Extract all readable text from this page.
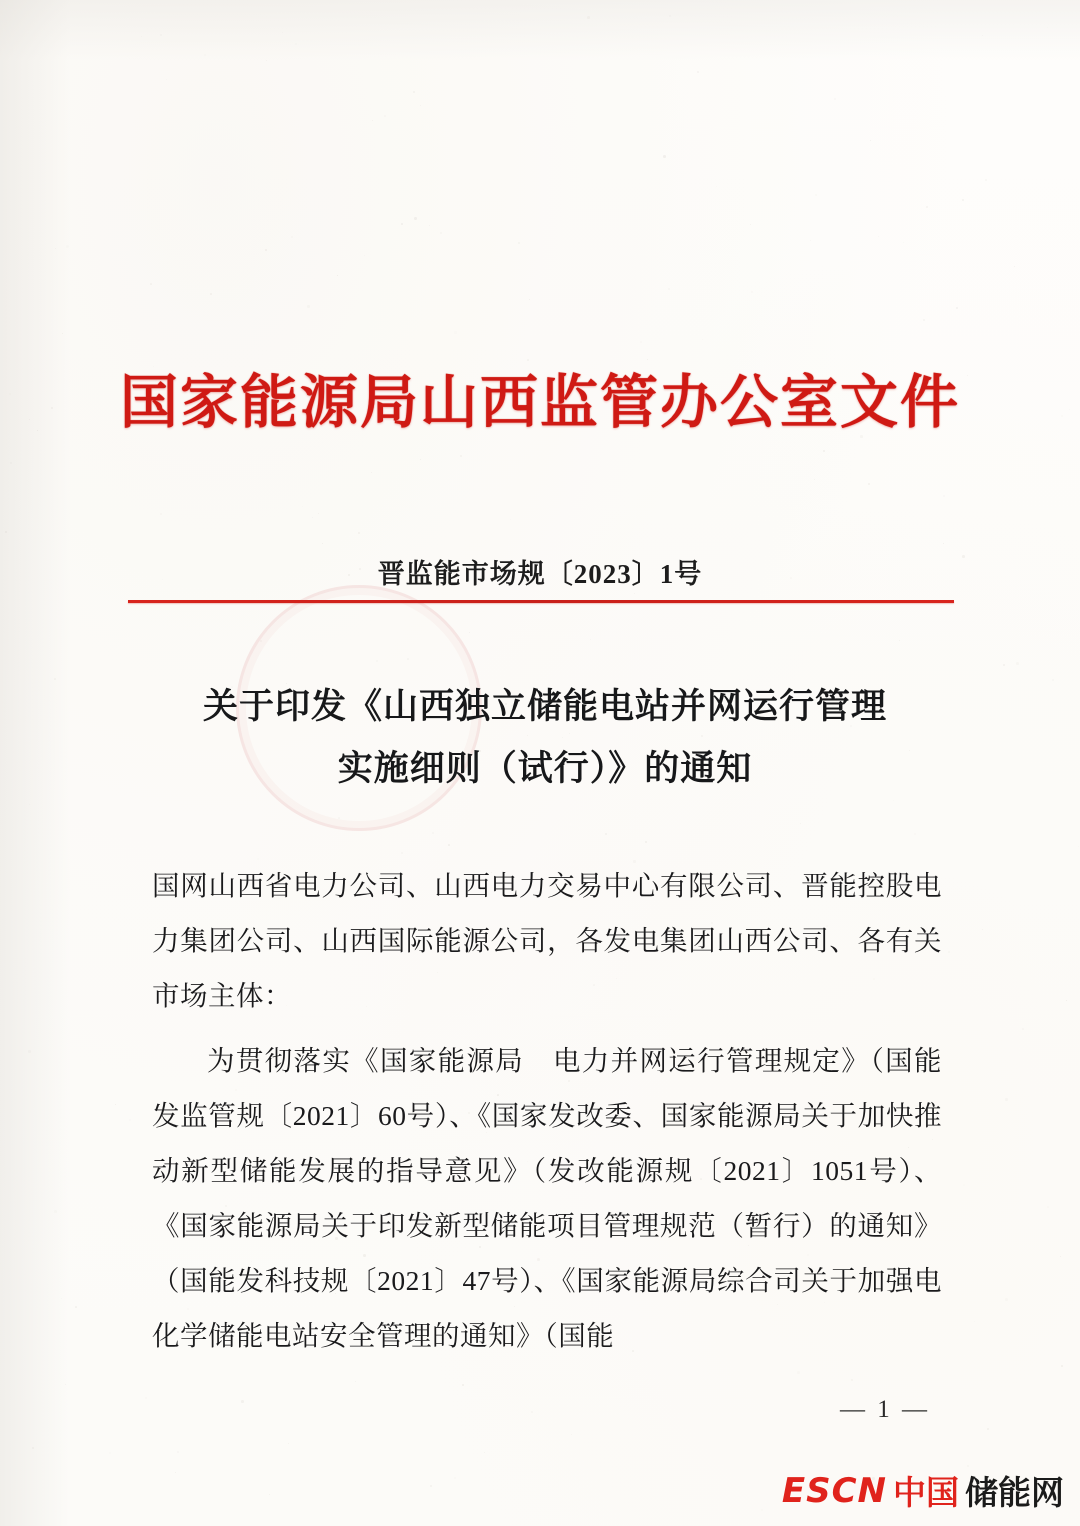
国家能源局山西监管办公室文件
晋监能市场规〔2023〕1号
关于印发《山西独立储能电站并网运行管理
实施细则（试行）》的通知

国网山西省电力公司、山西电力交易中心有限公司、晋能控股电力集团公司、山西国际能源公司，各发电集团山西公司、各有关市场主体：

为贯彻落实《国家能源局　电力并网运行管理规定》（国能发监管规〔2021〕60号）、《国家发改委、国家能源局关于加快推动新型储能发展的指导意见》（发改能源规〔2021〕1051号）、《国家能源局关于印发新型储能项目管理规范（暂行）的通知》（国能发科技规〔2021〕47号）、《国家能源局综合司关于加强电化学储能电站安全管理的通知》（国能

— 1 —
ESCN 中国 储能网
